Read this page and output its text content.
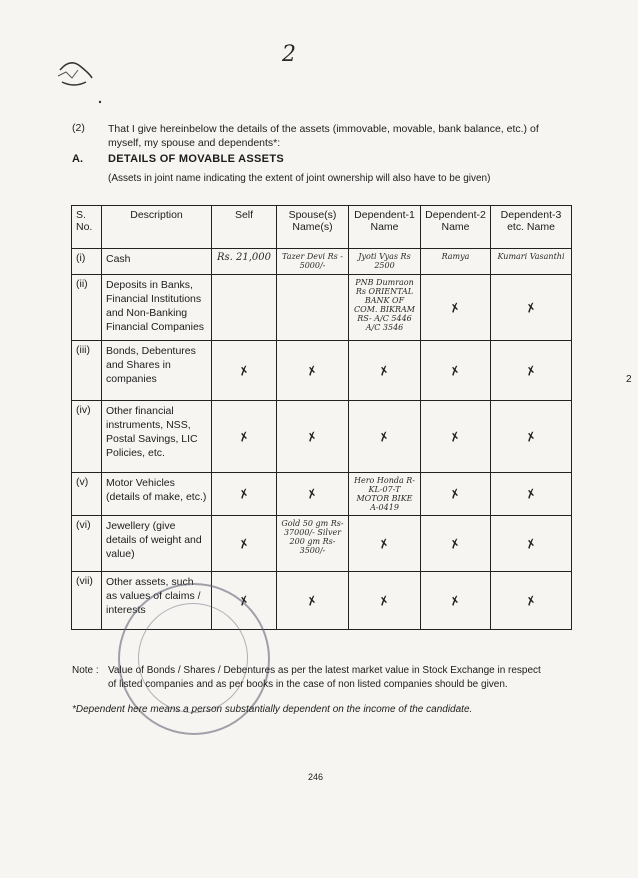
2
(2) That I give hereinbelow the details of the assets (immovable, movable, bank balance, etc.) of
myself, my spouse and dependents*:
A. DETAILS OF MOVABLE ASSETS
(Assets in joint name indicating the extent of joint ownership will also have to be given)
S. No.	Description	Self	Spouse(s) Name(s)	Dependent-1 Name	Dependent-2 Name	Dependent-3 etc. Name
(i)	Cash	Rs. 21,000	Tazer Devi Rs - 5000/-	Jyoti Vyas Rs 2500	Ramya	Kumari Vasanthi
(ii)	Deposits in Banks, Financial Institutions and Non-Banking Financial Companies			PNB Dumraon Rs ORIENTAL BANK OF COM. BIKRAM RS- A/C 5446 A/C 3546	✗	✗
(iii)	Bonds, Debentures and Shares in companies	✗	✗	✗	✗	✗
(iv)	Other financial instruments, NSS, Postal Savings, LIC Policies, etc.	✗	✗	✗	✗	✗
(v)	Motor Vehicles (details of make, etc.)	✗	✗	Hero Honda R- KL-07-T MOTOR BIKE A-0419	✗	✗
(vi)	Jewellery (give details of weight and value)	✗	Gold 50 gm Rs- 37000/- Silver 200 gm Rs- 3500/-	✗	✗	✗
(vii)	Other assets, such as values of claims / interests	✗	✗	✗	✗	✗
2
Note : Value of Bonds / Shares / Debentures as per the latest market value in Stock Exchange in respect
of listed companies and as per books in the case of non listed companies should be given.
*Dependent here means a person substantially dependent on the income of the candidate.
246
